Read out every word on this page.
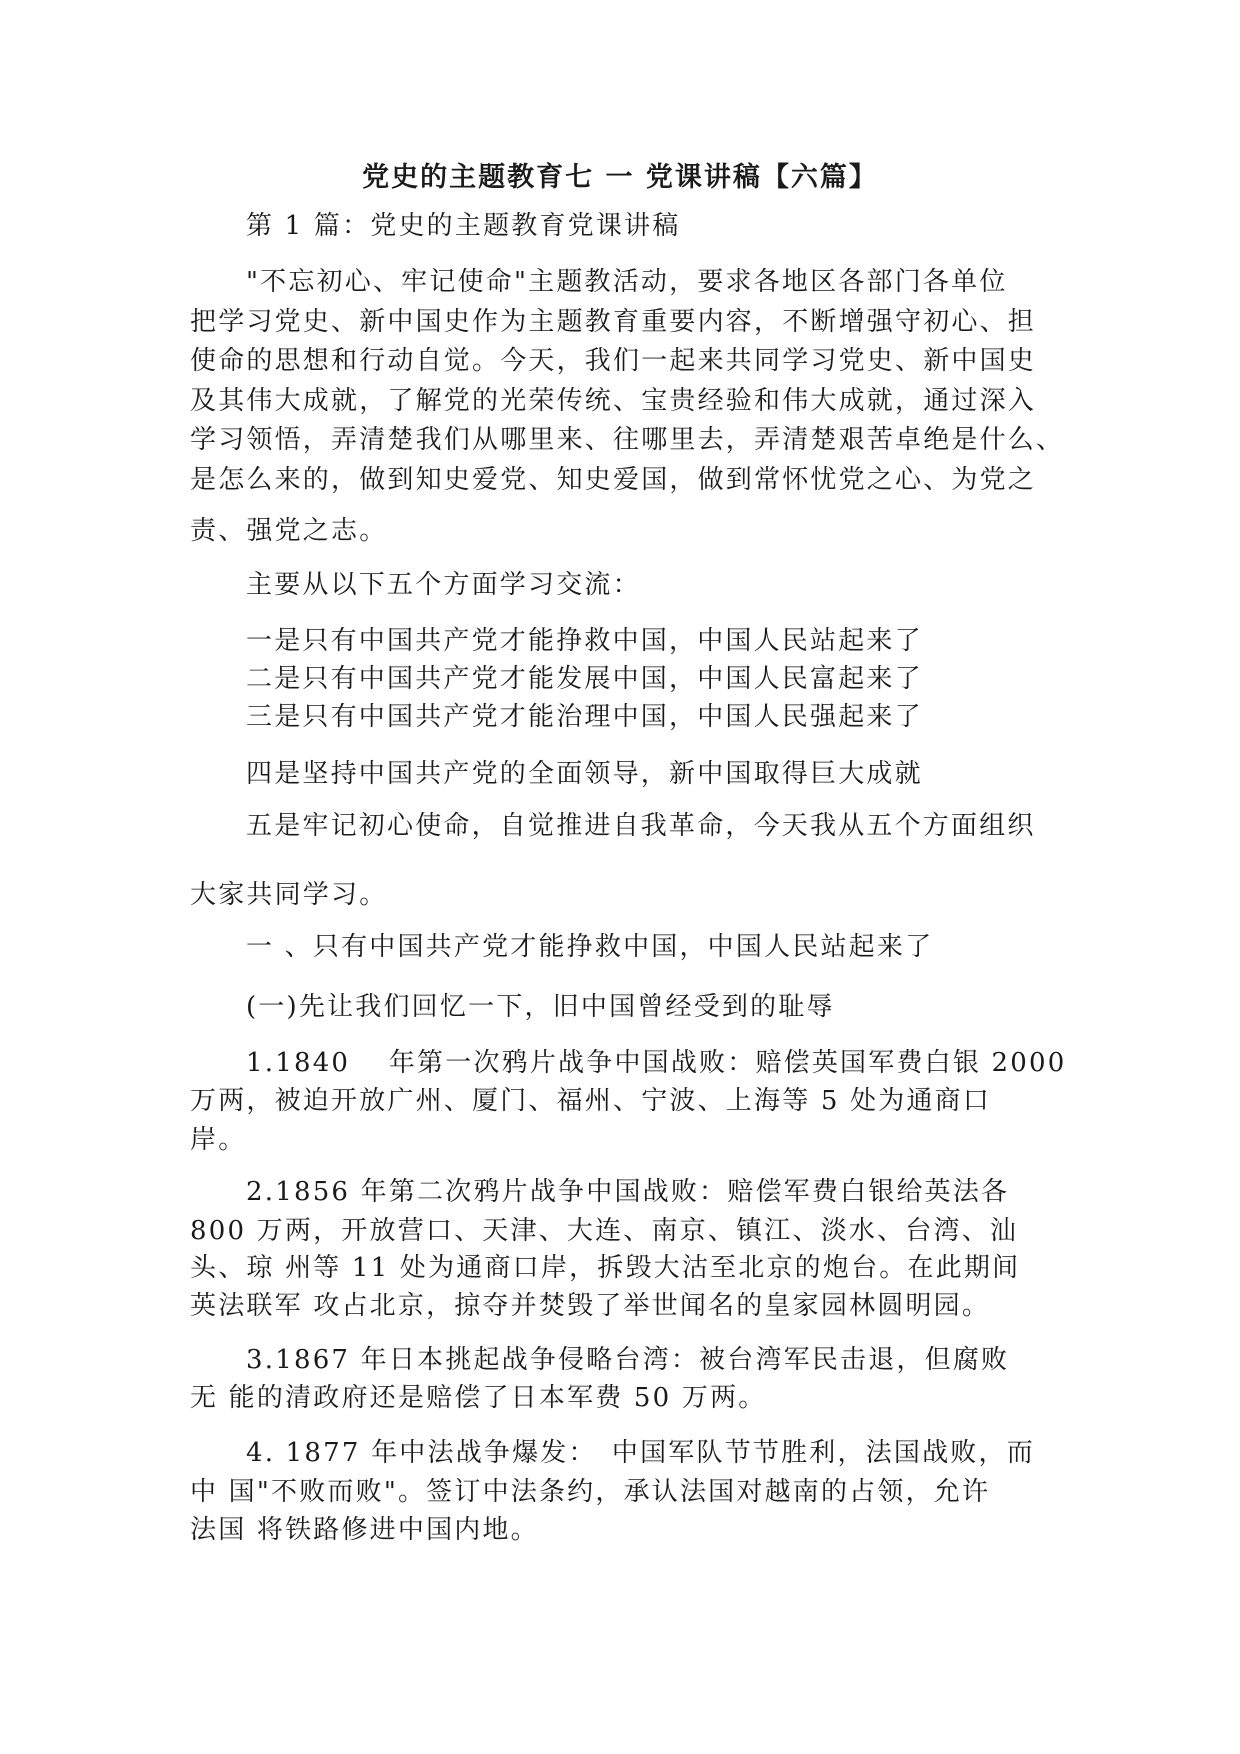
党史的主题教育七 一 党课讲稿【六篇】

第 1 篇：党史的主题教育党课讲稿

"不忘初心、牢记使命"主题教活动，要求各地区各部门各单位

把学习党史、新中国史作为主题教育重要内容，不断增强守初心、担

使命的思想和行动自觉。今天，我们一起来共同学习党史、新中国史

及其伟大成就，了解党的光荣传统、宝贵经验和伟大成就，通过深入

学习领悟，弄清楚我们从哪里来、往哪里去，弄清楚艰苦卓绝是什么、

是怎么来的，做到知史爱党、知史爱国，做到常怀忧党之心、为党之

责、强党之志。

主要从以下五个方面学习交流：

一是只有中国共产党才能挣救中国，中国人民站起来了

二是只有中国共产党才能发展中国，中国人民富起来了

三是只有中国共产党才能治理中国，中国人民强起来了

四是坚持中国共产党的全面领导，新中国取得巨大成就

五是牢记初心使命，自觉推进自我革命，今天我从五个方面组织

大家共同学习。

一 、只有中国共产党才能挣救中国，中国人民站起来了

(一)先让我们回忆一下，旧中国曾经受到的耻辱

1.1840　 年第一次鸦片战争中国战败：赔偿英国军费白银 2000

万两，被迫开放广州、厦门、福州、宁波、上海等 5 处为通商口

岸。

2.1856 年第二次鸦片战争中国战败：赔偿军费白银给英法各

800 万两，开放营口、天津、大连、南京、镇江、淡水、台湾、汕

头、琼 州等 11 处为通商口岸，拆毁大沽至北京的炮台。在此期间

英法联军 攻占北京，掠夺并焚毁了举世闻名的皇家园林圆明园。

3.1867 年日本挑起战争侵略台湾：被台湾军民击退，但腐败

无 能的清政府还是赔偿了日本军费 50 万两。

4. 1877 年中法战争爆发：　中国军队节节胜利，法国战败，而

中 国"不败而败"。签订中法条约，承认法国对越南的占领，允许

法国 将铁路修进中国内地。
